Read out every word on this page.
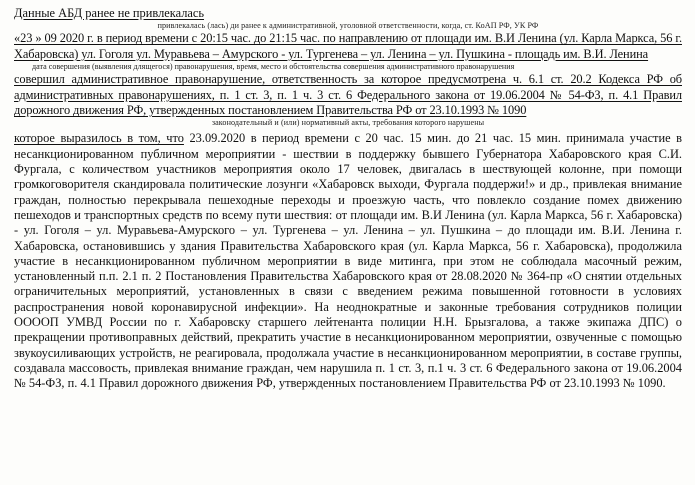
Данные АБД ранее не привлекалась
привлекалась (лась) ди ранее к административной, уголовной ответственности, когда, ст. КоАП РФ, УК РФ
«23 » 09 2020 г. в период времени с 20:15 час. до 21:15 час. по направлению от площади им. В.И Ленина (ул. Карла Маркса, 56 г. Хабаровска) ул. Гоголя ул. Муравьева – Амурского - ул. Тургенева – ул. Ленина – ул. Пушкина - площадь им. В.И. Ленина
дата совершения (выявления длящегося) правонарушения, время, место и обстоятельства совершения административного правонарушения
совершил административное правонарушение, ответственность за которое предусмотрена ч. 6.1 ст. 20.2 Кодекса РФ об административных правонарушениях, п. 1 ст. 3, п. 1 ч. 3 ст. 6 Федерального закона от 19.06.2004 № 54-ФЗ, п. 4.1 Правил дорожного движения РФ, утвержденных постановлением Правительства РФ от 23.10.1993 № 1090
законодательный и (или) нормативный акты, требования которого нарушены
которое выразилось в том, что 23.09.2020 в период времени с 20 час. 15 мин. до 21 час. 15 мин. принимала участие в несанкционированном публичном мероприятии - шествии в поддержку бывшего Губернатора Хабаровского края С.И. Фургала, с количеством участников мероприятия около 17 человек, двигалась в шествующей колонне, при помощи громкоговорителя скандировала политические лозунги «Хабаровск выходи, Фургала поддержи!» и др., привлекая внимание граждан, полностью перекрывала пешеходные переходы и проезжую часть, что повлекло создание помех движению пешеходов и транспортных средств по всему пути шествия: от площади им. В.И Ленина (ул. Карла Маркса, 56 г. Хабаровска) - ул. Гоголя – ул. Муравьева-Амурского – ул. Тургенева – ул. Ленина – ул. Пушкина – до площади им. В.И. Ленина г. Хабаровска, остановившись у здания Правительства Хабаровского края (ул. Карла Маркса, 56 г. Хабаровска), продолжила участие в несанкционированном публичном мероприятии в виде митинга, при этом не соблюдала масочный режим, установленный п.п. 2.1 п. 2 Постановления Правительства Хабаровского края от 28.08.2020 № 364-пр «О снятии отдельных ограничительных мероприятий, установленных в связи с введением режима повышенной готовности в условиях распространения новой коронавирусной инфекции». На неоднократные и законные требования сотрудников полиции ООООП УМВД России по г. Хабаровску старшего лейтенанта полиции Н.Н. Брызгалова, а также экипажа ДПС) о прекращении противоправных действий, прекратить участие в несанкционированном мероприятии, озвученные с помощью звукоусиливающих устройств, не реагировала, продолжала участие в несанкционированном мероприятии, в составе группы, создавала массовость, привлекая внимание граждан, чем нарушила п. 1 ст. 3, п.1 ч. 3 ст. 6 Федерального закона от 19.06.2004 № 54-ФЗ, п. 4.1 Правил дорожного движения РФ, утвержденных постановлением Правительства РФ от 23.10.1993 № 1090.
